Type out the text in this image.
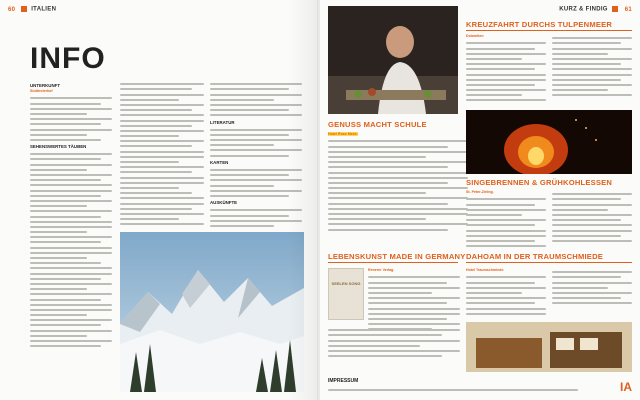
60	ITALIEN
INFO
UNTERKUNFT
Südtirolerhof
SEHENSWERTES TÄUBEN
LITERATUR
KARTEN
AUSKÜNFTE
KURZ & FINDIG	61
GENUSS MACHT SCHULE
Hotel Rose Mesé.
KREUZFAHRT DURCHS TULPENMEER
Dolomiten
SINGEBRENNEN & GRÜHKOHLESSEN
St. Peter-Zirling.
LEBENSKUNST MADE IN GERMANY
SEELEN SONG
Renerer Verlag.
DAHOAM IN DER TRAUMSCHMIEDE
Hotel Traumschmiede.
IMPRESSUM	IA
